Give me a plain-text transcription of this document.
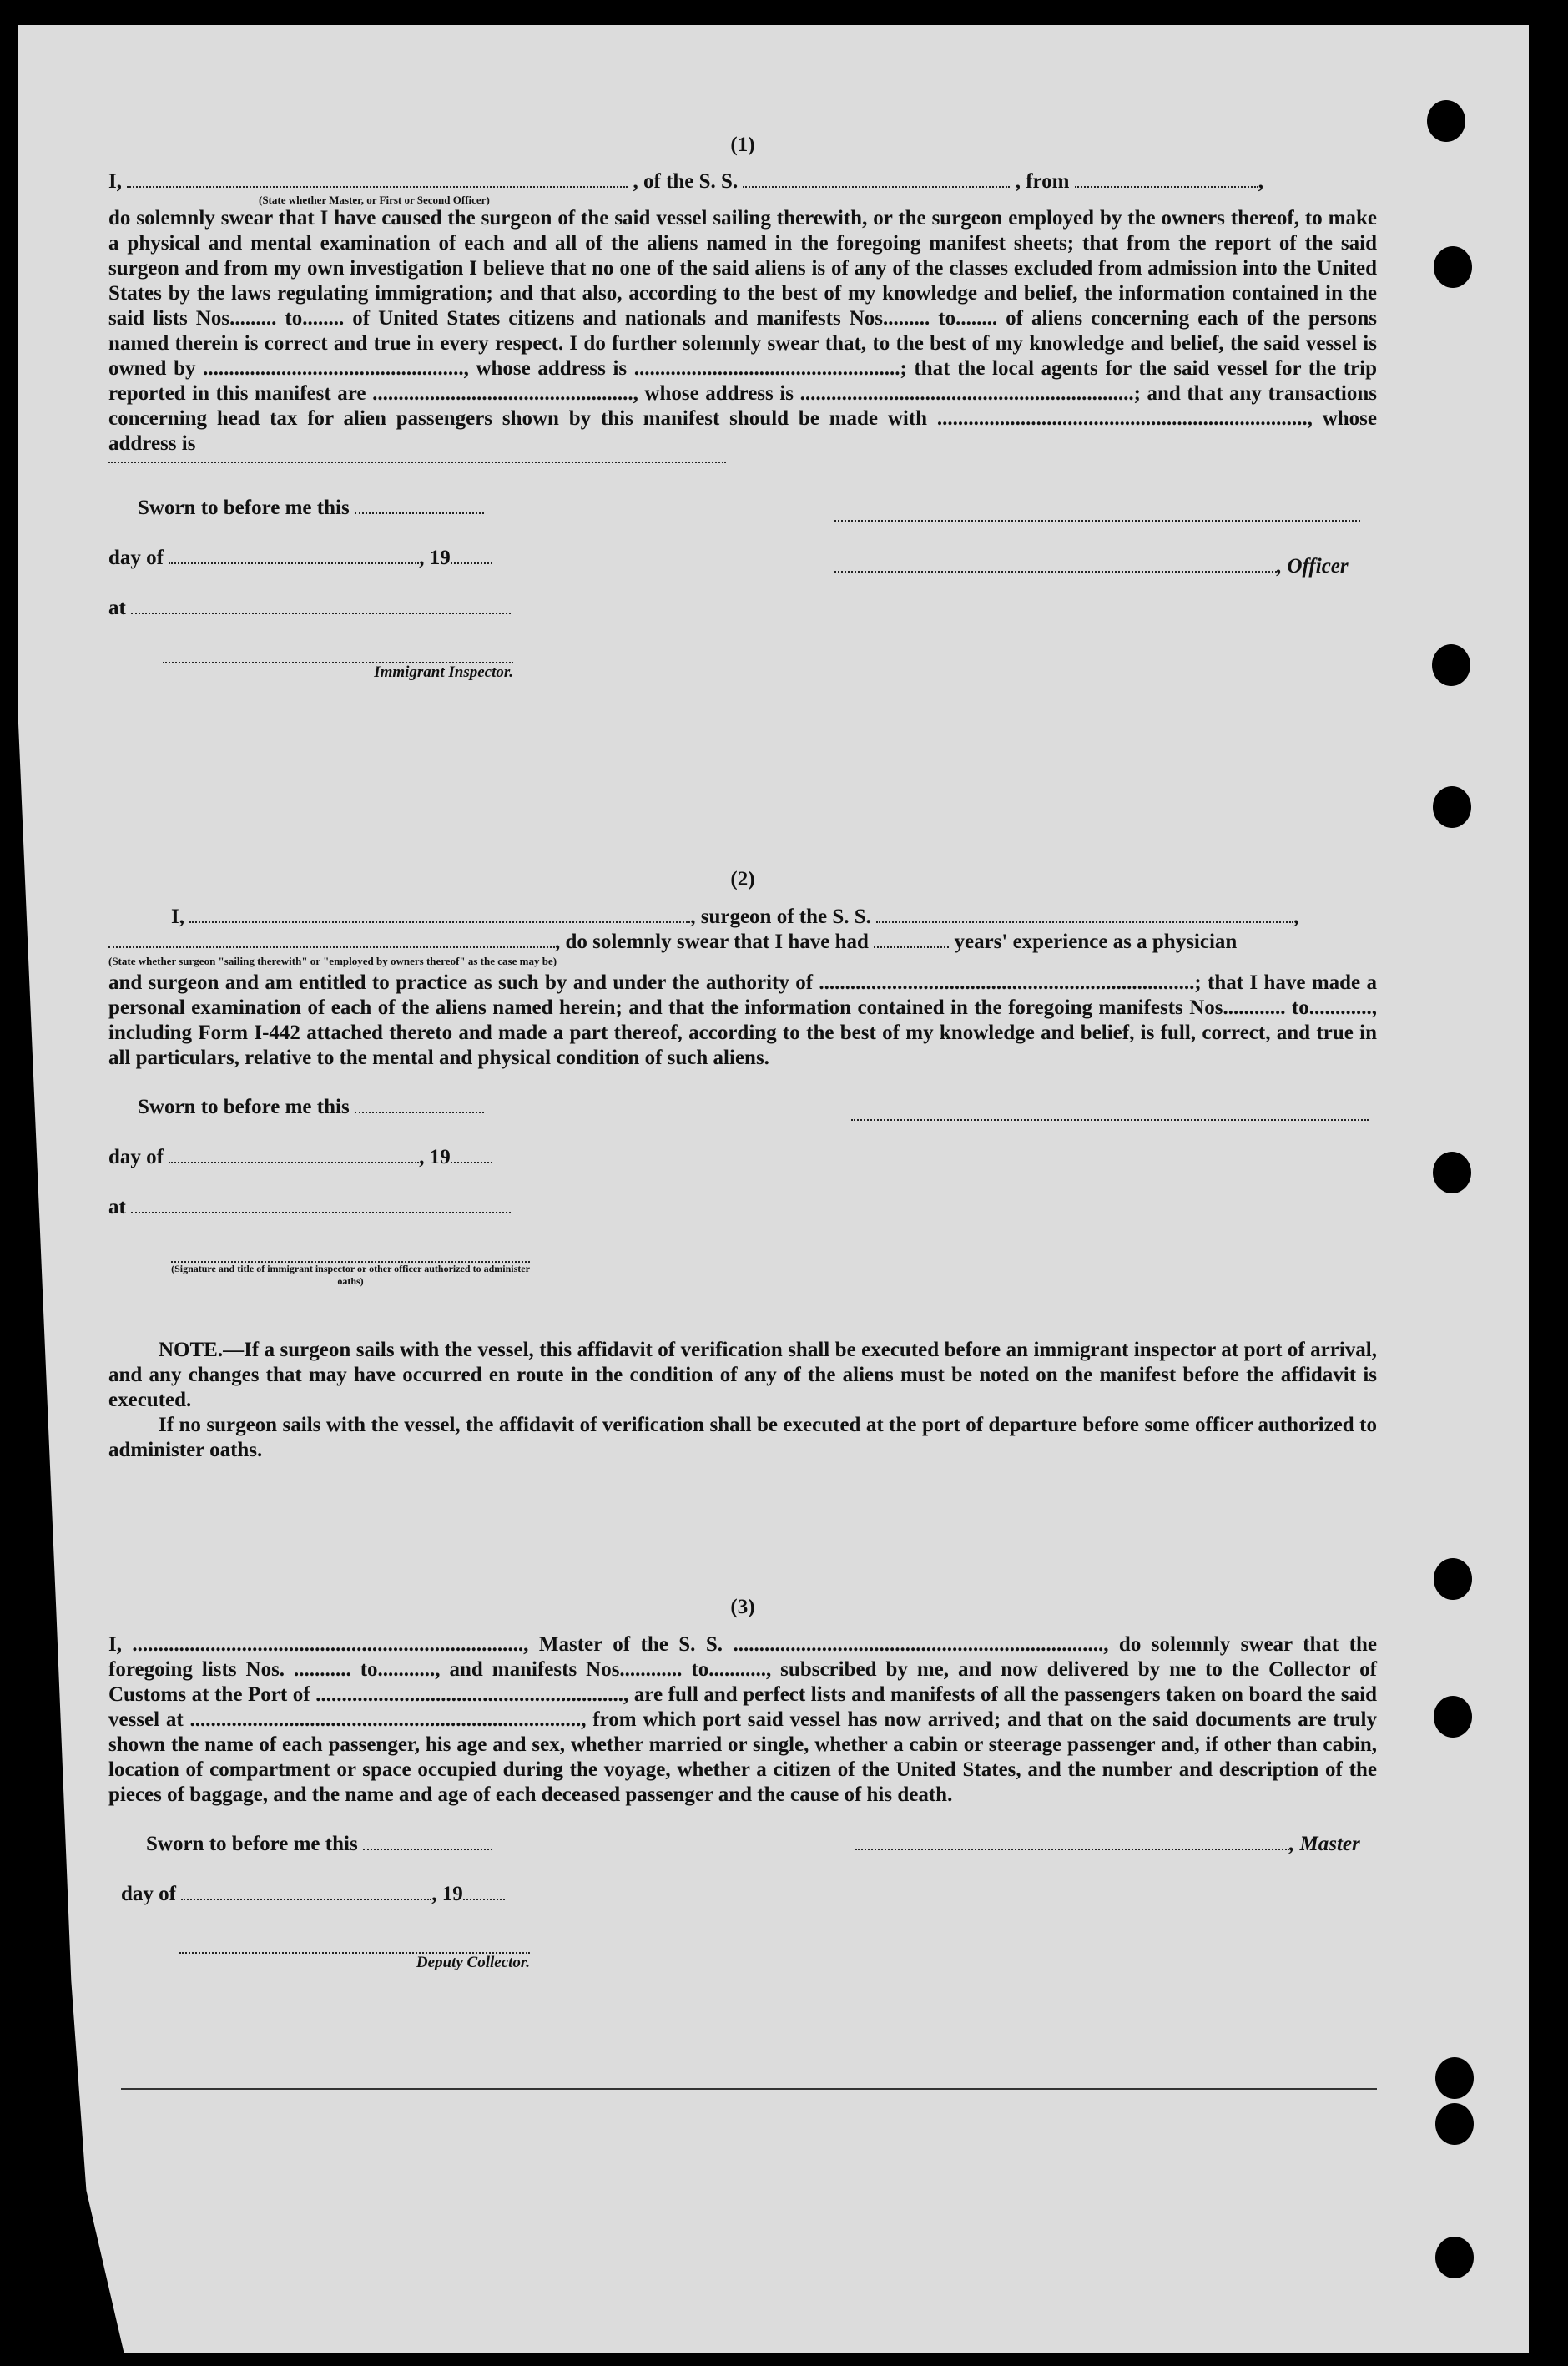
(1)
I,	, of the S. S.	, from	,
(State whether Master, or First or Second Officer)

do solemnly swear that I have caused the surgeon of the said vessel sailing therewith, or the surgeon employed by the owners thereof, to make a physical and mental examination of each and all of the aliens named in the foregoing manifest sheets; that from the report of the said surgeon and from my own investigation I believe that no one of the said aliens is of any of the classes excluded from admission into the United States by the laws regulating immigration; and that also, according to the best of my knowledge and belief, the information contained in the said lists Nos......... to........ of United States citizens and nationals and manifests Nos......... to........ of aliens concerning each of the persons named therein is correct and true in every respect. I do further solemnly swear that, to the best of my knowledge and belief, the said vessel is owned by .................................................., whose address is ...................................................; that the local agents for the said vessel for the trip reported in this manifest are .................................................., whose address is ................................................................; and that any transactions concerning head tax for alien passengers shown by this manifest should be made with ......................................................................., whose address is

Sworn to before me this
day of	, 19
at
Immigrant Inspector.
, Officer
(2)
I,	, surgeon of the S. S.	,
, do solemnly swear that I have had	years' experience as a physician
(State whether surgeon "sailing therewith" or "employed by owners thereof" as the case may be)

and surgeon and am entitled to practice as such by and under the authority of ........................................................................; that I have made a personal examination of each of the aliens named herein; and that the information contained in the foregoing manifests Nos............ to............, including Form I-442 attached thereto and made a part thereof, according to the best of my knowledge and belief, is full, correct, and true in all particulars, relative to the mental and physical condition of such aliens.

Sworn to before me this
day of	, 19
at
(Signature and title of immigrant inspector or other officer authorized to administer oaths)

NOTE.—If a surgeon sails with the vessel, this affidavit of verification shall be executed before an immigrant inspector at port of arrival, and any changes that may have occurred en route in the condition of any of the aliens must be noted on the manifest before the affidavit is executed.

If no surgeon sails with the vessel, the affidavit of verification shall be executed at the port of departure before some officer authorized to administer oaths.

(3)

I, ..........................................................................., Master of the S. S. ......................................................................., do solemnly swear that the foregoing lists Nos. ........... to..........., and manifests Nos............ to..........., subscribed by me, and now delivered by me to the Collector of Customs at the Port of ..........................................................., are full and perfect lists and manifests of all the passengers taken on board the said vessel at ..........................................................................., from which port said vessel has now arrived; and that on the said documents are truly shown the name of each passenger, his age and sex, whether married or single, whether a cabin or steerage passenger and, if other than cabin, location of compartment or space occupied during the voyage, whether a citizen of the United States, and the number and description of the pieces of baggage, and the name and age of each deceased passenger and the cause of his death.

Sworn to before me this
day of	, 19
Deputy Collector.
, Master
